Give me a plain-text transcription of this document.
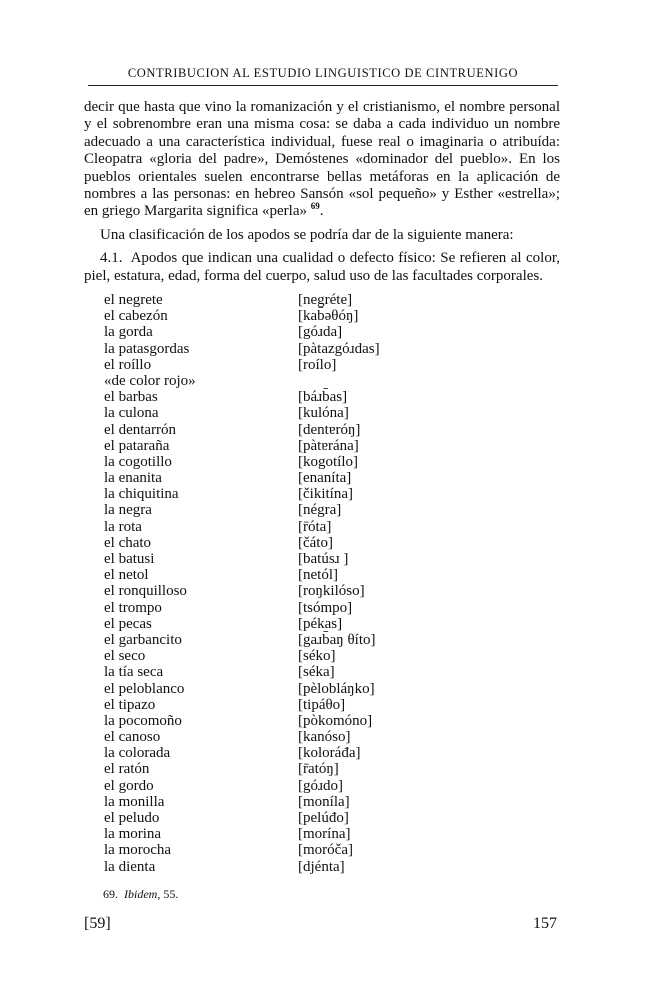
CONTRIBUCION AL ESTUDIO LINGUISTICO DE CINTRUENIGO

decir que hasta que vino la romanización y el cristianismo, el nombre personal y el sobrenombre eran una misma cosa: se daba a cada individuo un nombre adecuado a una característica individual, fuese real o imaginaria o atribuída: Cleopatra «gloria del padre», Demóstenes «dominador del pueblo». En los pueblos orientales suelen encontrarse bellas metáforas en la aplicación de nombres a las personas: en hebreo Sansón «sol pequeño» y Esther «estrella»; en griego Margarita significa «perla» $^{69}$.

Una clasificación de los apodos se podría dar de la siguiente manera:

4.1. Apodos que indican una cualidad o defecto físico: Se refieren al color, piel, estatura, edad, forma del cuerpo, salud uso de las facultades corporales.

el negrete	[negréte]
el cabezón	[kab̄ǝθóŋ]
la gorda	[góɹda]
la patasgordas	[pàtazgóɹdas]
el roíllo	[roílo]
«de color rojo»
el barbas	[báɹb̄as]
la culona	[kulóna]
el dentarrón	[dentɐróŋ]
el pataraña	[pàtɐrána]
la cogotillo	[kogotílo]
la enanita	[enaníta]
la chiquitina	[čikitína]
la negra	[négra]
la rota	[r̄óta]
el chato	[čáto]
el batusi	[batúsɹ ]
el netol	[netól]
el ronquilloso	[roŋkilóso]
el trompo	[tsómpo]
el pecas	[pékas]
el garbancito	[gaɹb̄aŋ θíto]
el seco	[séko]
la tía seca	[séka]
el peloblanco	[pèlobláŋko]
el tipazo	[tipáθo]
la pocomoño	[pòkomóno]
el canoso	[kanóso]
la colorada	[koloráđa]
el ratón	[r̄atóŋ]
el gordo	[góɹdo]
la monilla	[moníla]
el peludo	[pelúđo]
la morina	[morína]
la morocha	[moróča]
la dienta	[djénta]
69. Ibidem, 55.
[59]	157
